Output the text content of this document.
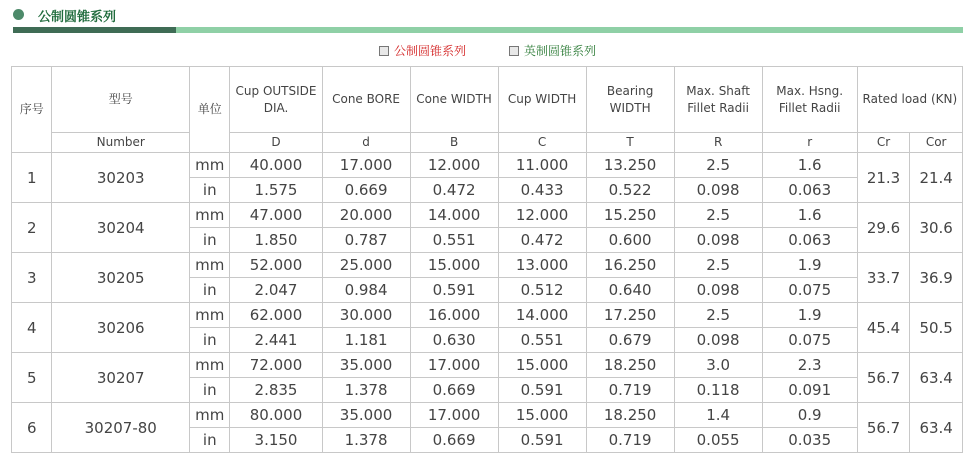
公制圆锥系列
公制圆锥系列	英制圆锥系列
序号	型号	单位	Cup OUTSIDE DIA.	Cone BORE	Cone WIDTH	Cup WIDTH	Bearing WIDTH	Max. Shaft Fillet Radii	Max. Hsng. Fillet Radii	Rated load (KN)	
	Number		D	d	B	C	T	R	r	Cr	Cor
1	30203	mm	40.000	17.000	12.000	11.000	13.250	2.5	1.6	21.3	21.4
		in	1.575	0.669	0.472	0.433	0.522	0.098	0.063		
2	30204	mm	47.000	20.000	14.000	12.000	15.250	2.5	1.6	29.6	30.6
		in	1.850	0.787	0.551	0.472	0.600	0.098	0.063		
3	30205	mm	52.000	25.000	15.000	13.000	16.250	2.5	1.9	33.7	36.9
		in	2.047	0.984	0.591	0.512	0.640	0.098	0.075		
4	30206	mm	62.000	30.000	16.000	14.000	17.250	2.5	1.9	45.4	50.5
		in	2.441	1.181	0.630	0.551	0.679	0.098	0.075		
5	30207	mm	72.000	35.000	17.000	15.000	18.250	3.0	2.3	56.7	63.4
		in	2.835	1.378	0.669	0.591	0.719	0.118	0.091		
6	30207-80	mm	80.000	35.000	17.000	15.000	18.250	1.4	0.9	56.7	63.4
		in	3.150	1.378	0.669	0.591	0.719	0.055	0.035		
